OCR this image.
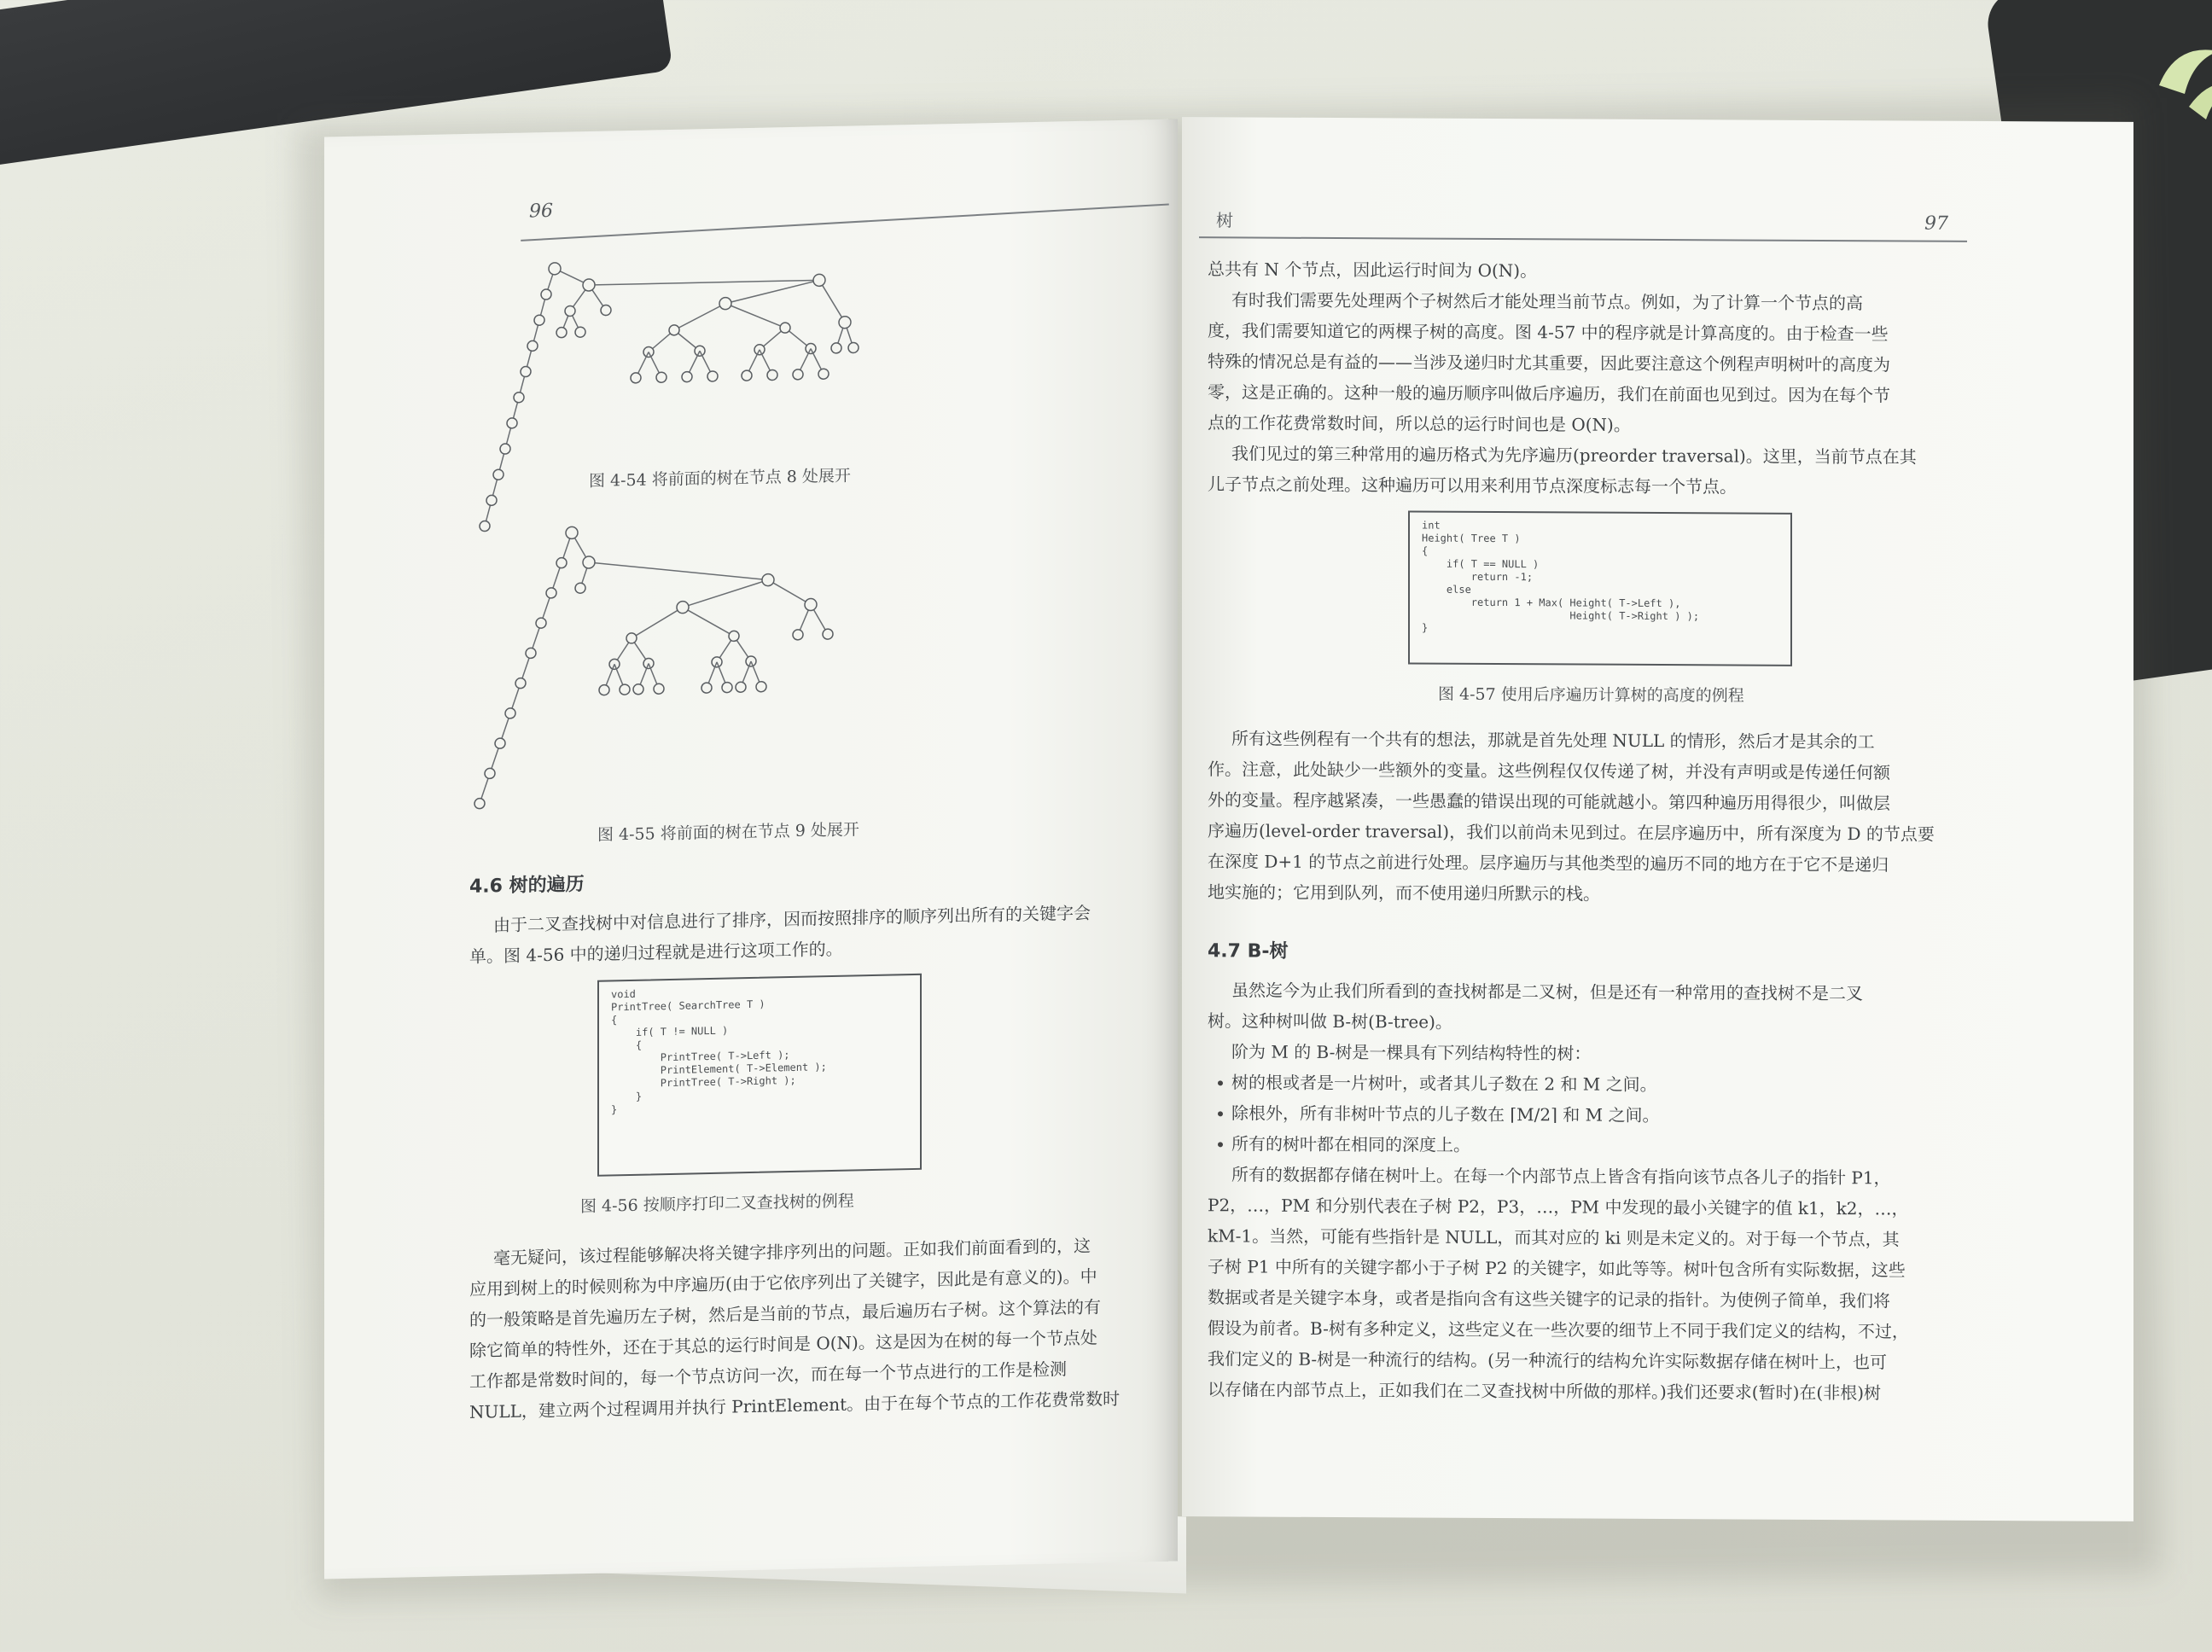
96
图 4-54 将前面的树在节点 8 处展开
图 4-55 将前面的树在节点 9 处展开
4.6 树的遍历

由于二叉查找树中对信息进行了排序，因而按照排序的顺序列出所有的关键字会

单。图 4-56 中的递归过程就是进行这项工作的。

void
PrintTree( SearchTree T )
{
if( T != NULL )
{
PrintTree( T->Left );
PrintElement( T->Element );
PrintTree( T->Right );
}
}
图 4-56 按顺序打印二叉查找树的例程

毫无疑问，该过程能够解决将关键字排序列出的问题。正如我们前面看到的，这

应用到树上的时候则称为中序遍历(由于它依序列出了关键字，因此是有意义的)。中

的一般策略是首先遍历左子树，然后是当前的节点，最后遍历右子树。这个算法的有

除它简单的特性外，还在于其总的运行时间是 O(N)。这是因为在树的每一个节点处

工作都是常数时间的，每一个节点访问一次，而在每一个节点进行的工作是检测

NULL，建立两个过程调用并执行 PrintElement。由于在每个节点的工作花费常数时

树	97

总共有 N 个节点，因此运行时间为 O(N)。

有时我们需要先处理两个子树然后才能处理当前节点。例如，为了计算一个节点的高

度，我们需要知道它的两棵子树的高度。图 4-57 中的程序就是计算高度的。由于检查一些

特殊的情况总是有益的——当涉及递归时尤其重要，因此要注意这个例程声明树叶的高度为

零，这是正确的。这种一般的遍历顺序叫做后序遍历，我们在前面也见到过。因为在每个节

点的工作花费常数时间，所以总的运行时间也是 O(N)。

我们见过的第三种常用的遍历格式为先序遍历(preorder traversal)。这里，当前节点在其

儿子节点之前处理。这种遍历可以用来利用节点深度标志每一个节点。

int
Height( Tree T )
{
if( T == NULL )
return -1;
else
return 1 + Max( Height( T->Left ),
Height( T->Right ) );
}
图 4-57 使用后序遍历计算树的高度的例程

所有这些例程有一个共有的想法，那就是首先处理 NULL 的情形，然后才是其余的工

作。注意，此处缺少一些额外的变量。这些例程仅仅传递了树，并没有声明或是传递任何额

外的变量。程序越紧凑，一些愚蠢的错误出现的可能就越小。第四种遍历用得很少，叫做层

序遍历(level-order traversal)，我们以前尚未见到过。在层序遍历中，所有深度为 D 的节点要

在深度 D+1 的节点之前进行处理。层序遍历与其他类型的遍历不同的地方在于它不是递归

地实施的；它用到队列，而不使用递归所默示的栈。

4.7 B-树

虽然迄今为止我们所看到的查找树都是二叉树，但是还有一种常用的查找树不是二叉

树。这种树叫做 B-树(B-tree)。

阶为 M 的 B-树是一棵具有下列结构特性的树：

树的根或者是一片树叶，或者其儿子数在 2 和 M 之间。

除根外，所有非树叶节点的儿子数在 ⌈M/2⌉ 和 M 之间。

所有的树叶都在相同的深度上。

所有的数据都存储在树叶上。在每一个内部节点上皆含有指向该节点各儿子的指针 P1，

P2，…，PM 和分别代表在子树 P2，P3，…，PM 中发现的最小关键字的值 k1，k2，…，

kM-1。当然，可能有些指针是 NULL，而其对应的 ki 则是未定义的。对于每一个节点，其

子树 P1 中所有的关键字都小于子树 P2 的关键字，如此等等。树叶包含所有实际数据，这些

数据或者是关键字本身，或者是指向含有这些关键字的记录的指针。为使例子简单，我们将

假设为前者。B-树有多种定义，这些定义在一些次要的细节上不同于我们定义的结构，不过，

我们定义的 B-树是一种流行的结构。(另一种流行的结构允许实际数据存储在树叶上，也可

以存储在内部节点上，正如我们在二叉查找树中所做的那样。)我们还要求(暂时)在(非根)树
